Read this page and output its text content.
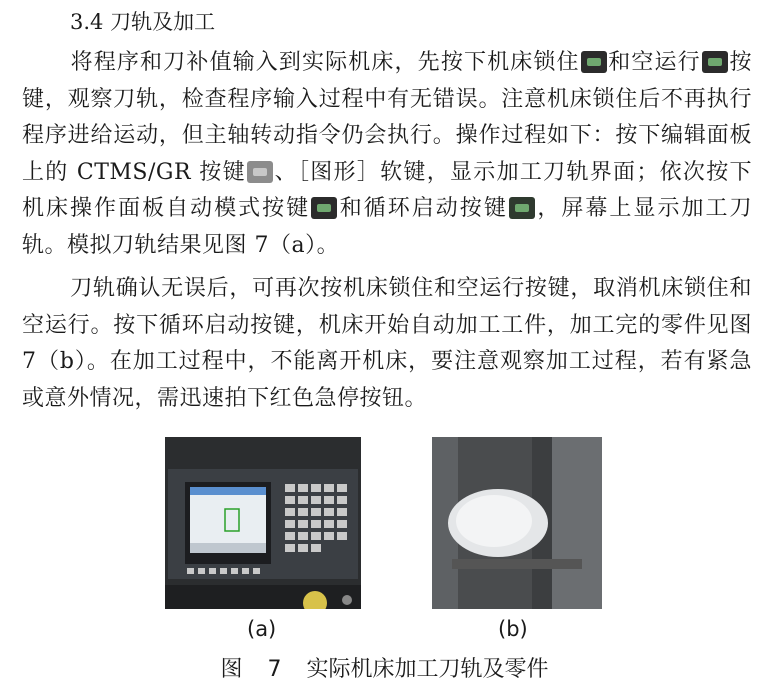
3.4 刀轨及加工
将程序和刀补值输入到实际机床，先按下机床锁住 和空运行 按键，观察刀轨，检查程序输入过程中有无错误。注意机床锁住后不再执行程序进给运动，但主轴转动指令仍会执行。操作过程如下：按下编辑面板上的 CTMS/GR 按键 、［图形］软键，显示加工刀轨界面；依次按下机床操作面板自动模式按键 和循环启动按键 ，屏幕上显示加工刀轨。模拟刀轨结果见图 7（a）。
刀轨确认无误后，可再次按机床锁住和空运行按键，取消机床锁住和空运行。按下循环启动按键，机床开始自动加工工件，加工完的零件见图 7（b）。在加工过程中，不能离开机床，要注意观察加工过程，若有紧急或意外情况，需迅速拍下红色急停按钮。
(a)	(b)
图 7 实际机床加工刀轨及零件
